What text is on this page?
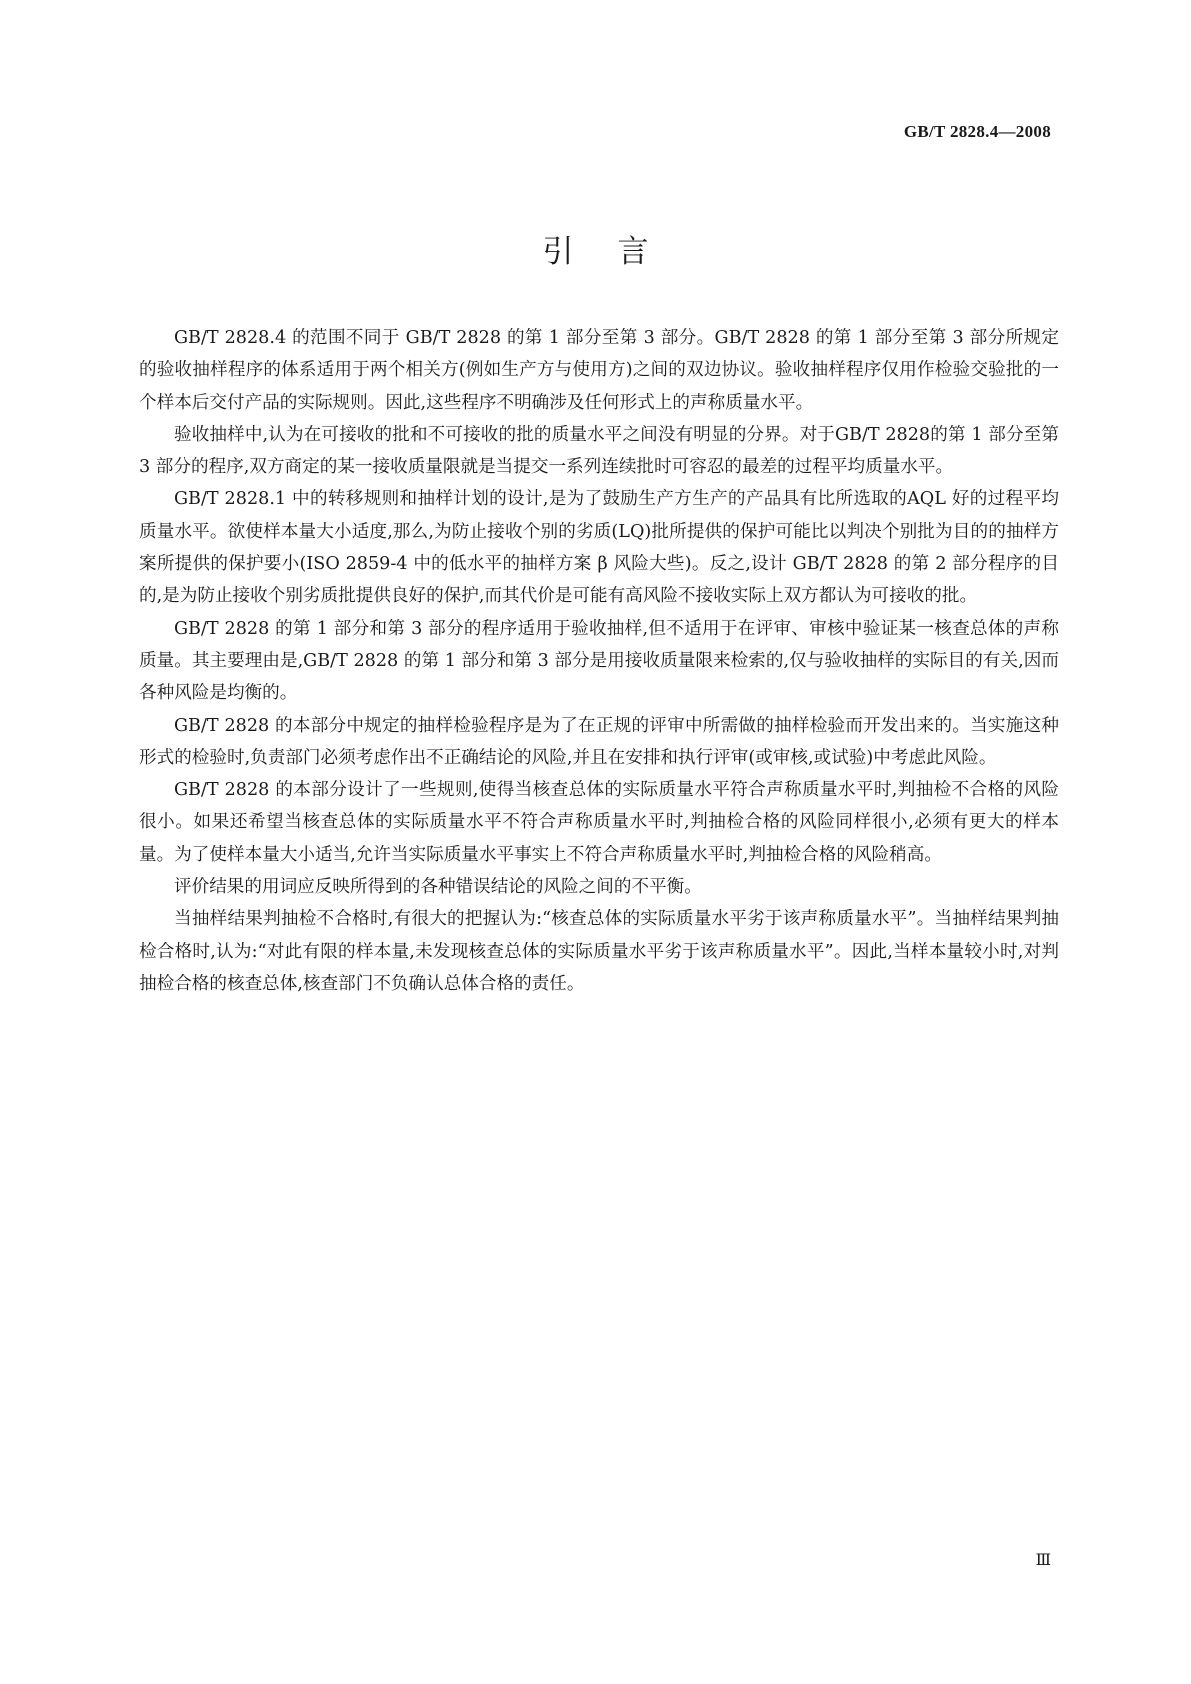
GB/T 2828.4—2008
引言

GB/T 2828.4 的范围不同于 GB/T 2828 的第 1 部分至第 3 部分。GB/T 2828 的第 1 部分至第 3 部分所规定的验收抽样程序的体系适用于两个相关方(例如生产方与使用方)之间的双边协议。验收抽样程序仅用作检验交验批的一个样本后交付产品的实际规则。因此,这些程序不明确涉及任何形式上的声称质量水平。

验收抽样中,认为在可接收的批和不可接收的批的质量水平之间没有明显的分界。对于GB/T 2828的第 1 部分至第 3 部分的程序,双方商定的某一接收质量限就是当提交一系列连续批时可容忍的最差的过程平均质量水平。

GB/T 2828.1 中的转移规则和抽样计划的设计,是为了鼓励生产方生产的产品具有比所选取的AQL 好的过程平均质量水平。欲使样本量大小适度,那么,为防止接收个别的劣质(LQ)批所提供的保护可能比以判决个别批为目的的抽样方案所提供的保护要小(ISO 2859-4 中的低水平的抽样方案 β 风险大些)。反之,设计 GB/T 2828 的第 2 部分程序的目的,是为防止接收个别劣质批提供良好的保护,而其代价是可能有高风险不接收实际上双方都认为可接收的批。

GB/T 2828 的第 1 部分和第 3 部分的程序适用于验收抽样,但不适用于在评审、审核中验证某一核查总体的声称质量。其主要理由是,GB/T 2828 的第 1 部分和第 3 部分是用接收质量限来检索的,仅与验收抽样的实际目的有关,因而各种风险是均衡的。

GB/T 2828 的本部分中规定的抽样检验程序是为了在正规的评审中所需做的抽样检验而开发出来的。当实施这种形式的检验时,负责部门必须考虑作出不正确结论的风险,并且在安排和执行评审(或审核,或试验)中考虑此风险。

GB/T 2828 的本部分设计了一些规则,使得当核查总体的实际质量水平符合声称质量水平时,判抽检不合格的风险很小。如果还希望当核查总体的实际质量水平不符合声称质量水平时,判抽检合格的风险同样很小,必须有更大的样本量。为了使样本量大小适当,允许当实际质量水平事实上不符合声称质量水平时,判抽检合格的风险稍高。

评价结果的用词应反映所得到的各种错误结论的风险之间的不平衡。

当抽样结果判抽检不合格时,有很大的把握认为:“核查总体的实际质量水平劣于该声称质量水平”。当抽样结果判抽检合格时,认为:“对此有限的样本量,未发现核查总体的实际质量水平劣于该声称质量水平”。因此,当样本量较小时,对判抽检合格的核查总体,核查部门不负确认总体合格的责任。

Ⅲ
